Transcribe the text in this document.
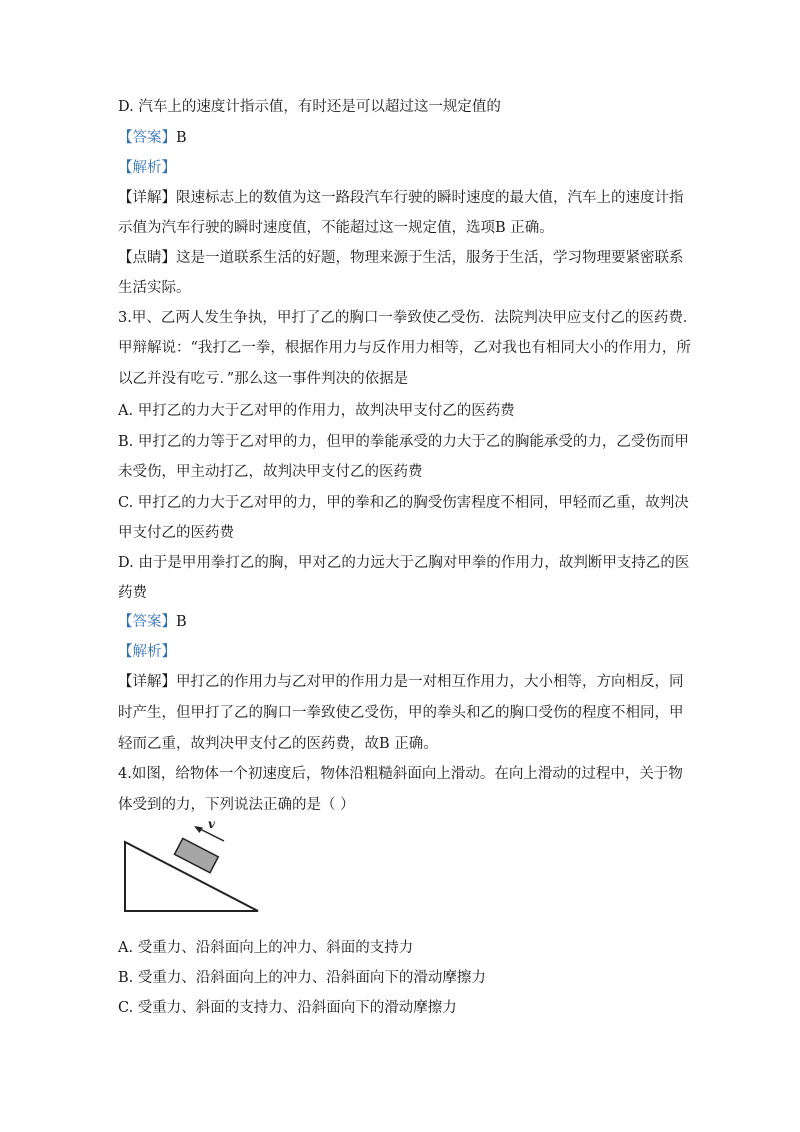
D. 汽车上的速度计指示值，有时还是可以超过这一规定值的
【答案】B
【解析】
【详解】限速标志上的数值为这一路段汽车行驶的瞬时速度的最大值，汽车上的速度计指
示值为汽车行驶的瞬时速度值，不能超过这一规定值，选项B 正确。
【点睛】这是一道联系生活的好题，物理来源于生活，服务于生活，学习物理要紧密联系
生活实际。
3.甲、乙两人发生争执，甲打了乙的胸口一拳致使乙受伤．法院判决甲应支付乙的医药费．
甲辩解说：“我打乙一拳，根据作用力与反作用力相等，乙对我也有相同大小的作用力，所
以乙并没有吃亏．”那么这一事件判决的依据是
A. 甲打乙的力大于乙对甲的作用力，故判决甲支付乙的医药费
B. 甲打乙的力等于乙对甲的力，但甲的拳能承受的力大于乙的胸能承受的力，乙受伤而甲
未受伤，甲主动打乙，故判决甲支付乙的医药费
C. 甲打乙的力大于乙对甲的力，甲的拳和乙的胸受伤害程度不相同，甲轻而乙重，故判决
甲支付乙的医药费
D. 由于是甲用拳打乙的胸，甲对乙的力远大于乙胸对甲拳的作用力，故判断甲支持乙的医
药费
【答案】B
【解析】
【详解】甲打乙的作用力与乙对甲的作用力是一对相互作用力，大小相等，方向相反，同
时产生，但甲打了乙的胸口一拳致使乙受伤，甲的拳头和乙的胸口受伤的程度不相同，甲
轻而乙重，故判决甲支付乙的医药费，故B 正确。
4.如图，给物体一个初速度后，物体沿粗糙斜面向上滑动。在向上滑动的过程中，关于物
体受到的力，下列说法正确的是（ ）
v
A. 受重力、沿斜面向上的冲力、斜面的支持力
B. 受重力、沿斜面向上的冲力、沿斜面向下的滑动摩擦力
C. 受重力、斜面的支持力、沿斜面向下的滑动摩擦力
